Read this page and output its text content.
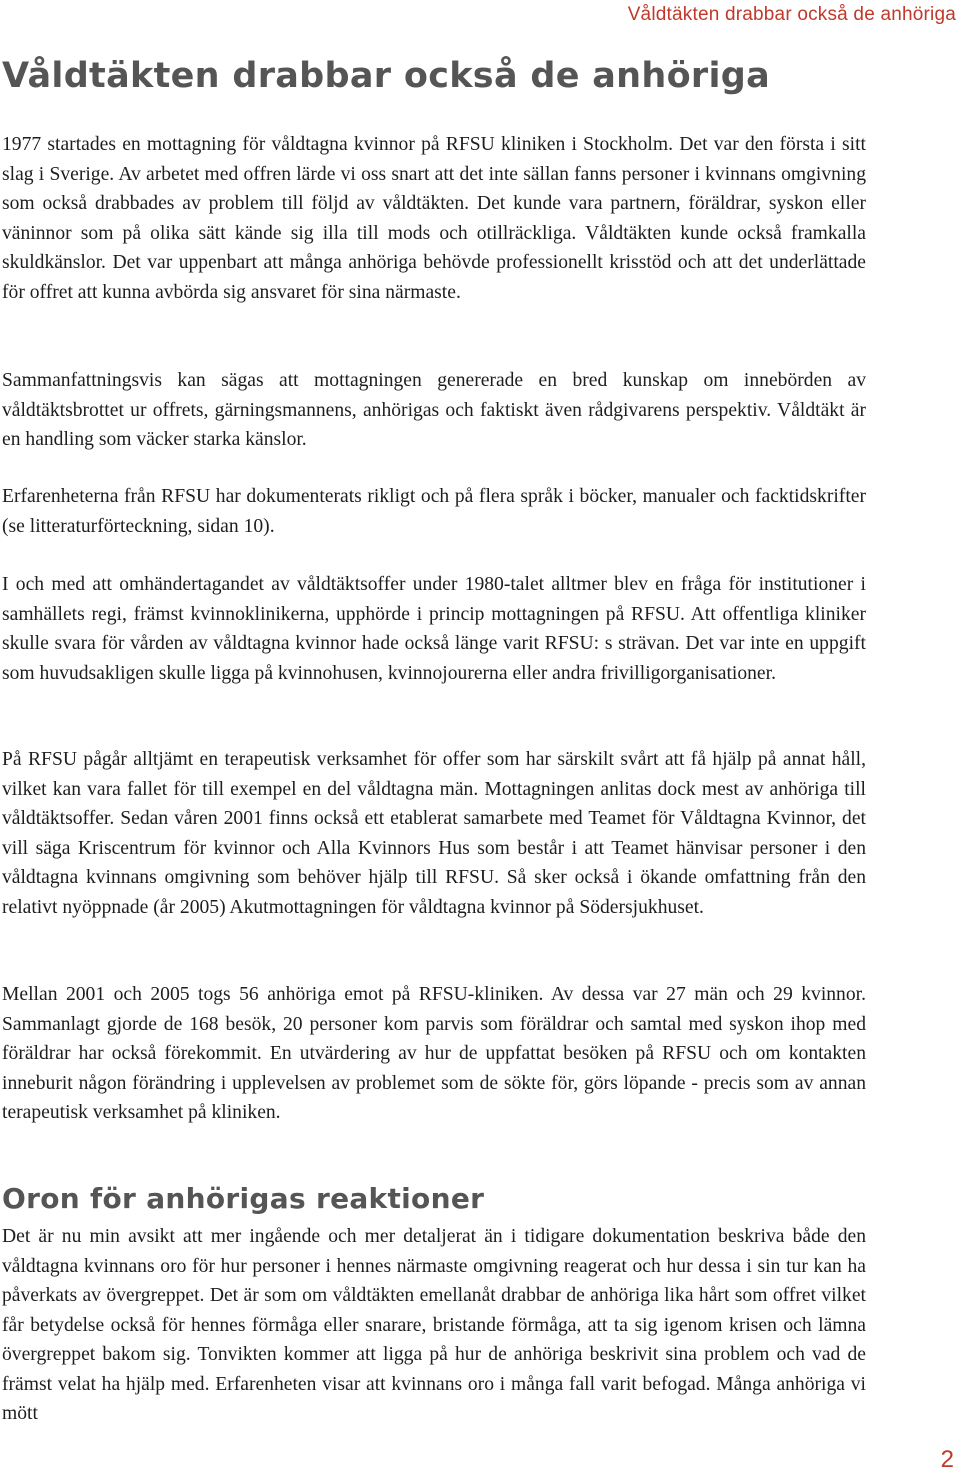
Våldtäkten drabbar också de anhöriga
Våldtäkten drabbar också de anhöriga

1977 startades en mottagning för våldtagna kvinnor på RFSU kliniken i Stockholm. Det var den första i sitt slag i Sverige. Av arbetet med offren lärde vi oss snart att det inte sällan fanns personer i kvinnans omgivning som också drabbades av problem till följd av våldtäkten. Det kunde vara partnern, föräldrar, syskon eller väninnor som på olika sätt kände sig illa till mods och otillräckliga. Våldtäkten kunde också framkalla skuldkänslor. Det var uppenbart att många anhöriga behövde professionellt krisstöd och att det underlättade för offret att kunna avbörda sig ansvaret för sina närmaste.

Sammanfattningsvis kan sägas att mottagningen genererade en bred kunskap om innebörden av våldtäktsbrottet ur offrets, gärningsmannens, anhörigas och faktiskt även rådgivarens perspektiv. Våldtäkt är en handling som väcker starka känslor.

Erfarenheterna från RFSU har dokumenterats rikligt och på flera språk i böcker, manualer och facktidskrifter (se litteraturförteckning, sidan 10).

I och med att omhändertagandet av våldtäktsoffer under 1980-talet alltmer blev en fråga för institutioner i samhällets regi, främst kvinnoklinikerna, upphörde i princip mottagningen på RFSU. Att offentliga kliniker skulle svara för vården av våldtagna kvinnor hade också länge varit RFSU: s strävan. Det var inte en uppgift som huvudsakligen skulle ligga på kvinnohusen, kvinnojourerna eller andra frivilligorganisationer.

På RFSU pågår alltjämt en terapeutisk verksamhet för offer som har särskilt svårt att få hjälp på annat håll, vilket kan vara fallet för till exempel en del våldtagna män. Mottagningen anlitas dock mest av anhöriga till våldtäktsoffer. Sedan våren 2001 finns också ett etablerat samarbete med Teamet för Våldtagna Kvinnor, det vill säga Kriscentrum för kvinnor och Alla Kvinnors Hus som består i att Teamet hänvisar personer i den våldtagna kvinnans omgivning som behöver hjälp till RFSU. Så sker också i ökande omfattning från den relativt nyöppnade (år 2005) Akutmottagningen för våldtagna kvinnor på Södersjukhuset.

Mellan 2001 och 2005 togs 56 anhöriga emot på RFSU-kliniken. Av dessa var 27 män och 29 kvinnor. Sammanlagt gjorde de 168 besök, 20 personer kom parvis som föräldrar och samtal med syskon ihop med föräldrar har också förekommit. En utvärdering av hur de uppfattat besöken på RFSU och om kontakten inneburit någon förändring i upplevelsen av problemet som de sökte för, görs löpande - precis som av annan terapeutisk verksamhet på kliniken.

Oron för anhörigas reaktioner

Det är nu min avsikt att mer ingående och mer detaljerat än i tidigare dokumentation beskriva både den våldtagna kvinnans oro för hur personer i hennes närmaste omgivning reagerat och hur dessa i sin tur kan ha påverkats av övergreppet. Det är som om våldtäkten emellanåt drabbar de anhöriga lika hårt som offret vilket får betydelse också för hennes förmåga eller snarare, bristande förmåga, att ta sig igenom krisen och lämna övergreppet bakom sig. Tonvikten kommer att ligga på hur de anhöriga beskrivit sina problem och vad de främst velat ha hjälp med. Erfarenheten visar att kvinnans oro i många fall varit befogad. Många anhöriga vi mött

2
